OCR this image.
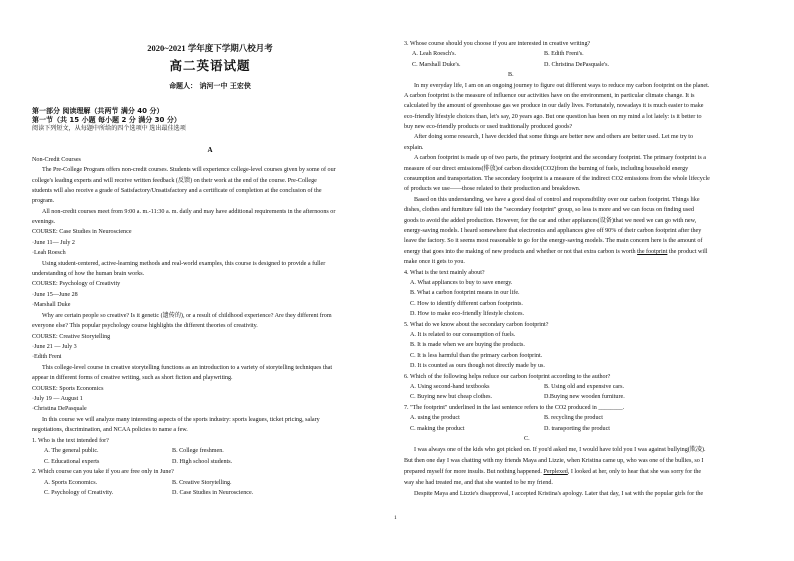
2020~2021 学年度下学期八校月考
高二英语试题
命题人： 讷河一中 王宏侠
第一部分 阅读理解（共两节 满分 40 分）
第一节（共 15 小题 每小题 2 分 满分 30 分）
阅读下列短文，从每题中所给的四个选项中 选出最佳选项
A
Non-Credit Courses
The Pre-College Program offers non-credit courses. Students will experience college-level courses given by some of our
college's leading experts and will receive written feedback (反馈) on their work at the end of the course. Pre-College
students will also receive a grade of Satisfactory/Unsatisfactory and a certificate of completion at the conclusion of the
program.
All non-credit courses meet from 9:00 a. m.-11:30 a. m. daily and may have additional requirements in the afternoons or
evenings.
COURSE: Case Studies in Neuroscience
·June 11— July 2
·Leah Roesch
Using student-centered, active-learning methods and real-world examples, this course is designed to provide a fuller
understanding of how the human brain works.
COURSE: Psychology of Creativity
·June 15—June 28
·Marshall Duke
Why are certain people so creative? Is it genetic (遗传的), or a result of childhood experience? Are they different from
everyone else? This popular psychology course highlights the different theories of creativity.
COURSE: Creative Storytelling
·June 21 — July 3
·Edith Freni
This college-level course in creative storytelling functions as an introduction to a variety of storytelling techniques that
appear in different forms of creative writing, such as short fiction and playwriting.
COURSE: Sports Economics
·July 19 — August 1
·Christina DePasquale
In this course we will analyze many interesting aspects of the sports industry: sports leagues, ticket pricing, salary
negotiations, discrimination, and NCAA policies to name a few.
1. Who is the text intended for?
A. The general public.	B. College freshmen.
C. Educational experts	D. High school students.
2. Which course can you take if you are free only in June?
A. Sports Economics.	B. Creative Storytelling.
C. Psychology of Creativity.	D. Case Studies in Neuroscience.
3. Whose course should you choose if you are interested in creative writing?
A. Leah Roesch's.	B. Edith Freni's.
C. Marshall Duke's.	D. Christina DePasquale's.
B.
In my everyday life, I am on an ongoing journey to figure out different ways to reduce my carbon footprint on the planet.
A carbon footprint is the measure of influence our activities have on the environment, in particular climate change. It is
calculated by the amount of greenhouse gas we produce in our daily lives. Fortunately, nowadays it is much easier to make
eco-friendly lifestyle choices than, let's say, 20 years ago. But one question has been on my mind a lot lately: is it better to
buy new eco-friendly products or used traditionally produced goods?
After doing some research, I have decided that some things are better new and others are better used. Let me try to
explain.
A carbon footprint is made up of two parts, the primary footprint and the secondary footprint. The primary footprint is a
measure of our direct emissions(排放)of carbon dioxide(CO2)from the burning of fuels, including household energy
consumption and transportation. The secondary footprint is a measure of the indirect CO2 emissions from the whole lifecycle
of products we use——those related to their production and breakdown.
Based on this understanding, we have a good deal of control and responsibility over our carbon footprint. Things like
dishes, clothes and furniture fall into the "secondary footprint" group, so less is more and we can focus on finding used
goods to avoid the added production. However, for the car and other appliances(设备)that we need we can go with new,
energy-saving models. I heard somewhere that electronics and appliances give off 90% of their carbon footprint after they
leave the factory. So it seems most reasonable to go for the energy-saving models. The main concern here is the amount of
energy that goes into the making of new products and whether or not that extra carbon is worth the footprint the product will
make once it gets to you.
4. What is the text mainly about?
A. What appliances to buy to save energy.
B. What a carbon footprint means in our life.
C. How to identify different carbon footprints.
D. How to make eco-friendly lifestyle choices.
5. What do we know about the secondary carbon footprint?
A. It is related to our consumption of fuels.
B. It is made when we are buying the products.
C. It is less harmful than the primary carbon footprint.
D. It is counted as ours though not directly made by us.
6. Which of the following helps reduce our carbon footprint according to the author?
A. Using second-hand textbooks	B. Using old and expensive cars.
C. Buying new but cheap clothes.	D.Buying new wooden furniture.
7. "The footprint" underlined in the last sentence refers to the CO2 produced in ________.
A. using the product	B. recycling the product
C. making the product	D. transporting the product
C.
I was always one of the kids who got picked on. If you'd asked me, I would have told you I was against bullying(欺凌).
But then one day I was chatting with my friends Maya and Lizzie, when Kristina came up, who was one of the bullies, so I
prepared myself for more insults. But nothing happened. Perplexed, I looked at her, only to hear that she was sorry for the
way she had treated me, and that she wanted to be my friend.
Despite Maya and Lizzie's disapproval, I accepted Kristina's apology. Later that day, I sat with the popular girls for the
1
